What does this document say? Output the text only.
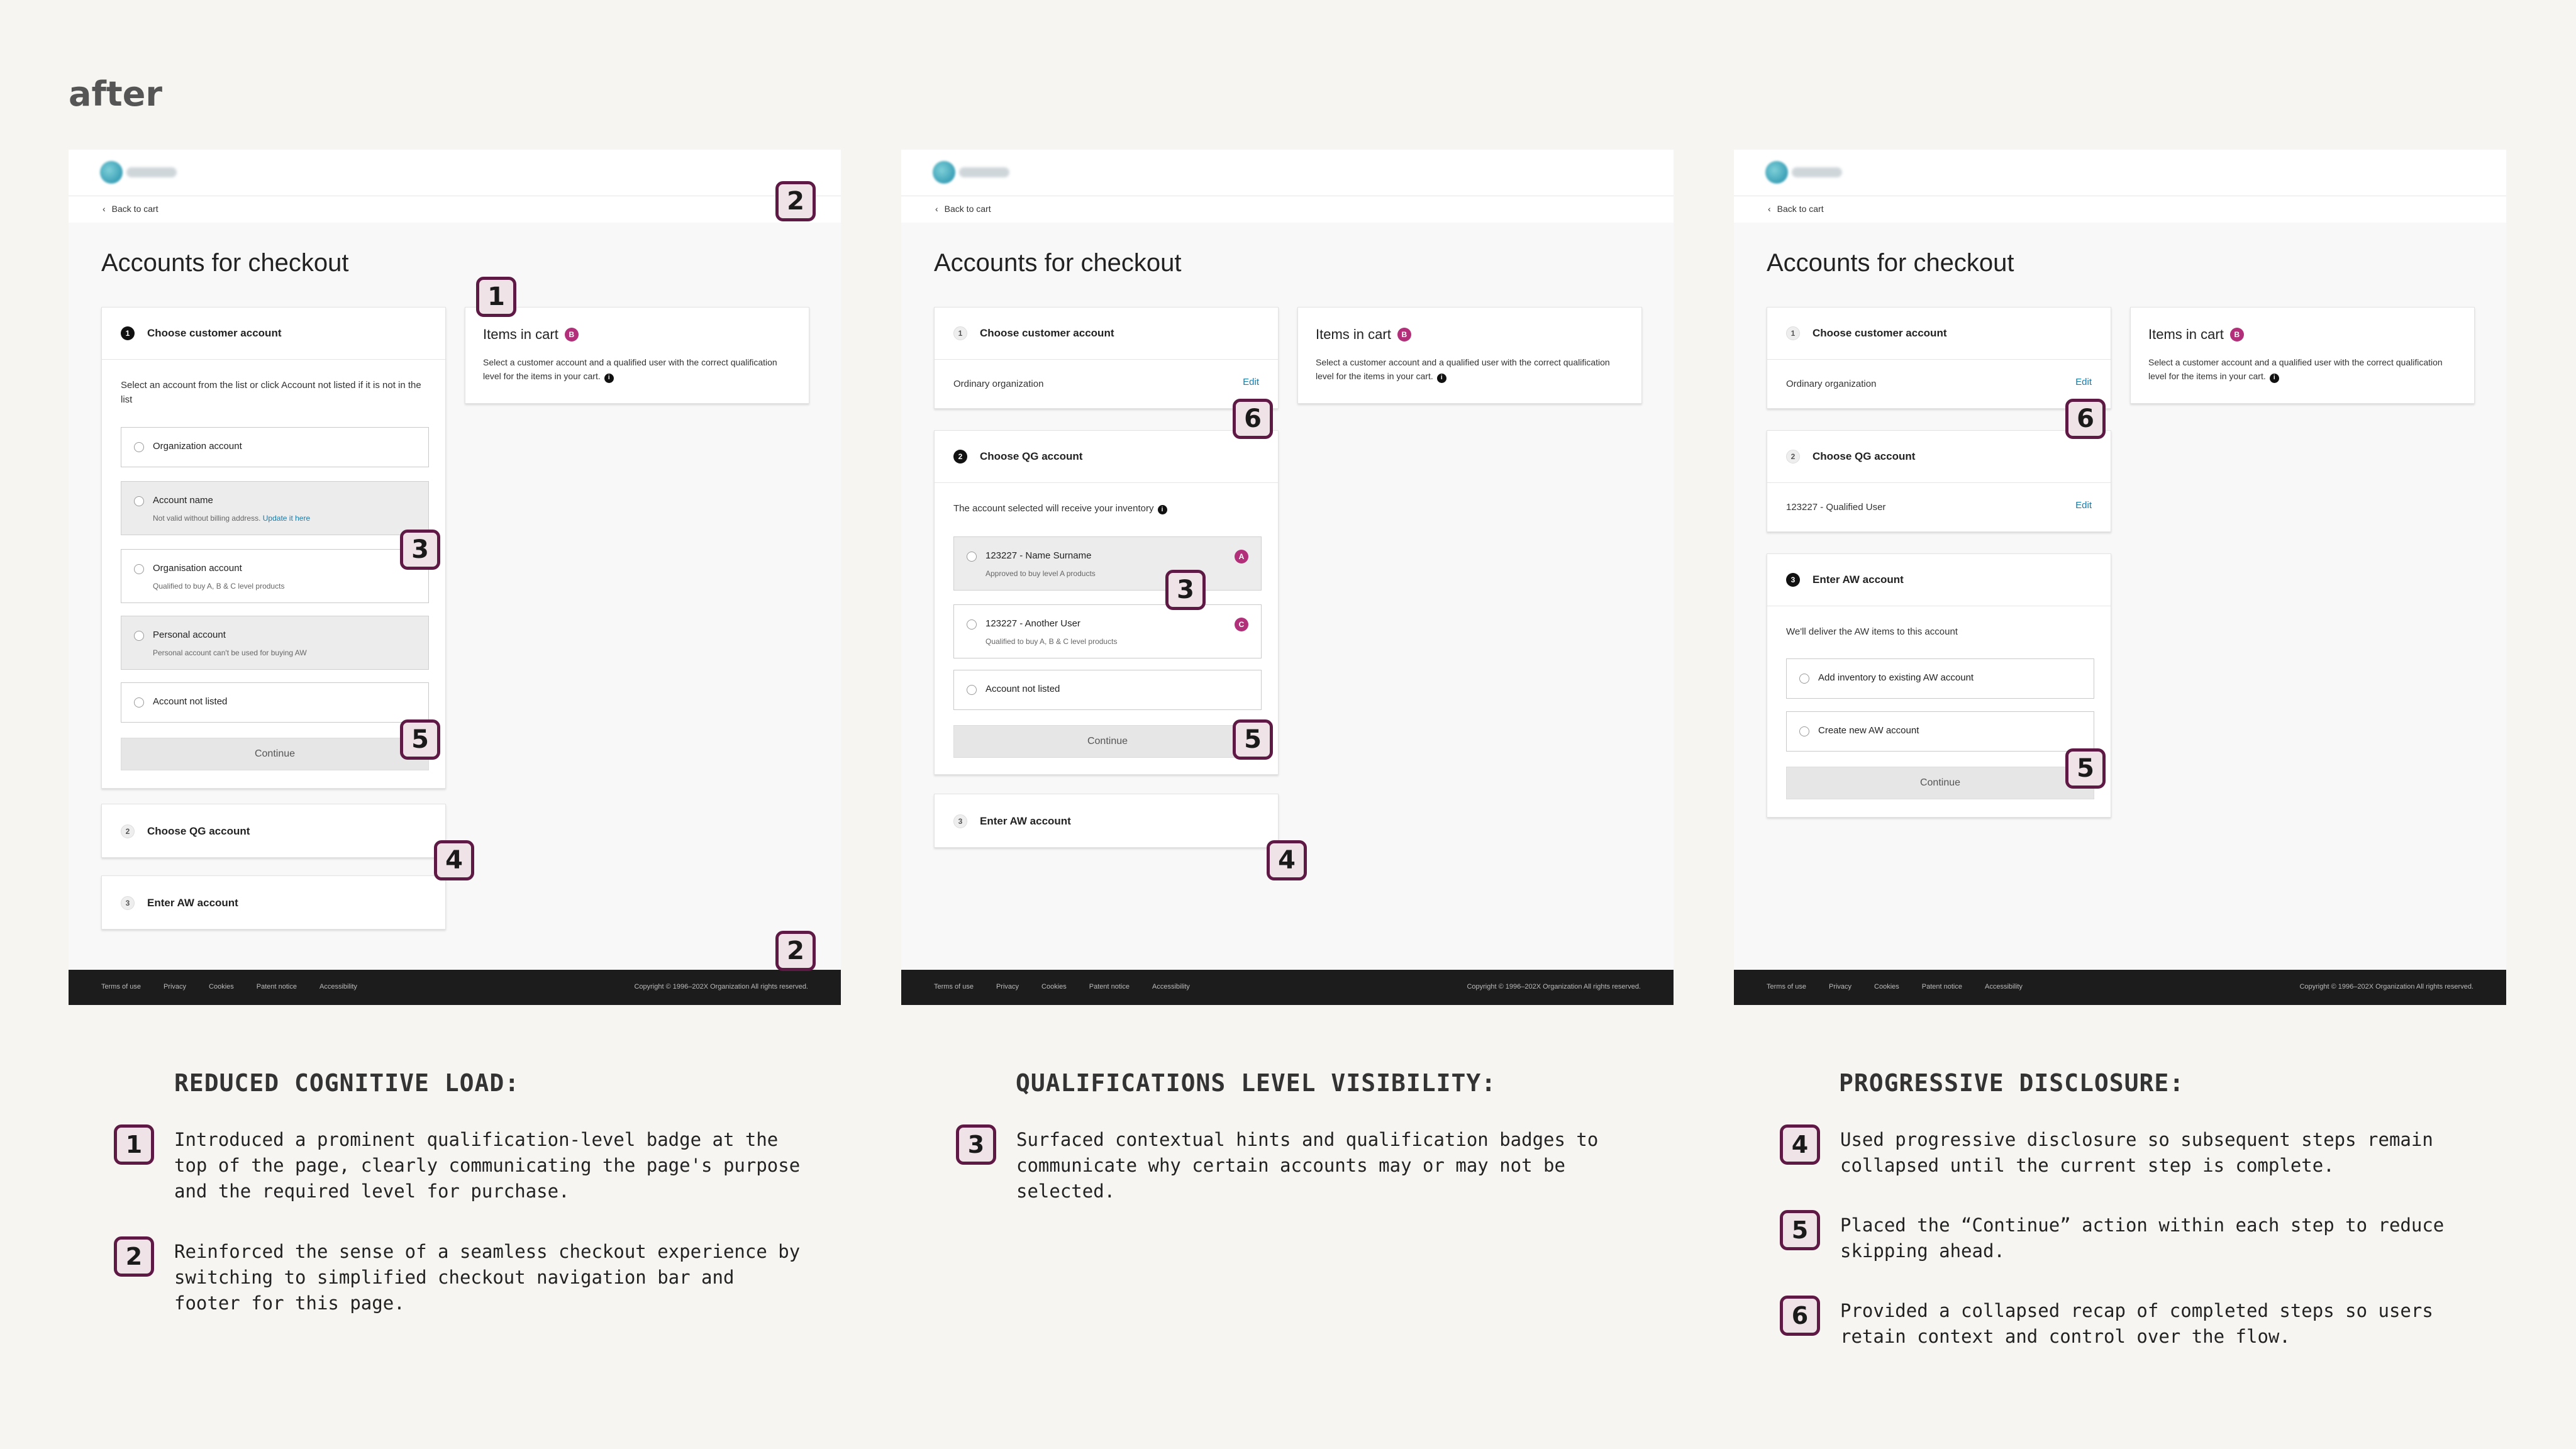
after
‹ Back to cart
Accounts for checkout
1	Choose customer account
Select an account from the list or click Account not listed if it is not in the list
Organization account
Account name
Not valid without billing address. Update it here
Organisation account
Qualified to buy A, B & C level products
Personal account
Personal account can't be used for buying AW
Account not listed
Continue
2	Choose QG account
3	Enter AW account
Items in cart	B
Select a customer account and a qualified user with the correct qualification level for the items in your cart. i
Terms of use	Privacy	Cookies	Patent notice	Accessibility	Copyright © 1996–202X Organization All rights reserved.
‹ Back to cart
Accounts for checkout
1	Choose customer account
Ordinary organization	Edit
2	Choose QG account
The account selected will receive your inventory i
123227 - Name Surname
Approved to buy level A products
A
123227 - Another User
Qualified to buy A, B & C level products
C
Account not listed
Continue
3	Enter AW account
Items in cart	B
Select a customer account and a qualified user with the correct qualification level for the items in your cart. i
Terms of use	Privacy	Cookies	Patent notice	Accessibility	Copyright © 1996–202X Organization All rights reserved.
‹ Back to cart
Accounts for checkout
1	Choose customer account
Ordinary organization	Edit
2	Choose QG account
123227 - Qualified User	Edit
3	Enter AW account
We'll deliver the AW items to this account
Add inventory to existing AW account
Create new AW account
Continue
Items in cart	B
Select a customer account and a qualified user with the correct qualification level for the items in your cart. i
Terms of use	Privacy	Cookies	Patent notice	Accessibility	Copyright © 1996–202X Organization All rights reserved.
1
2
2
3
5
4
3
6
5
4
6
5
REDUCED COGNITIVE LOAD:
1	Introduced a prominent qualification-level badge at the top of the page, clearly communicating the page's purpose and the required level for purchase.
2	Reinforced the sense of a seamless checkout experience by switching to simplified checkout navigation bar and footer for this page.
QUALIFICATIONS LEVEL VISIBILITY:
3	Surfaced contextual hints and qualification badges to communicate why certain accounts may or may not be selected.
PROGRESSIVE DISCLOSURE:
4	Used progressive disclosure so subsequent steps remain collapsed until the current step is complete.
5	Placed the “Continue” action within each step to reduce skipping ahead.
6	Provided a collapsed recap of completed steps so users retain context and control over the flow.
